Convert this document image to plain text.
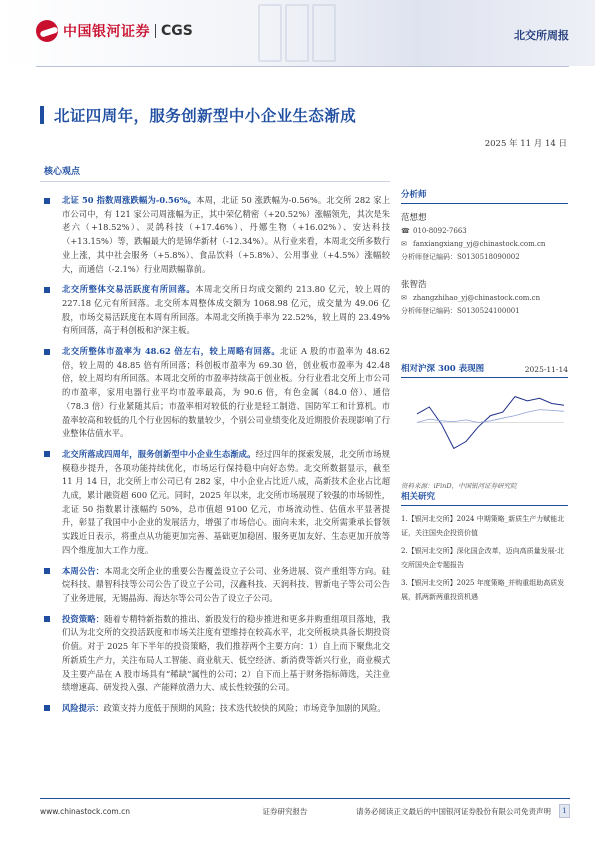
中国银河证券 CGS	北交所周报
北证四周年，服务创新型中小企业生态渐成
2025 年 11 月 14 日
核心观点
北证 50 指数周涨跌幅为-0.56%。本周，北证 50 涨跌幅为-0.56%。北交所 282 家上市公司中，有 121 家公司周涨幅为正，其中荣亿精密（+20.52%）涨幅领先，其次是朱老六（+18.52%）、灵鸽科技（+17.46%）、丹娜生物（+16.02%）、安达科技（+13.15%）等，跌幅最大的是锦华新材（-12.34%）。从行业来看，本周北交所多数行业上涨，其中社会服务（+5.8%）、食品饮料（+5.8%）、公用事业（+4.5%）涨幅较大，而通信（-2.1%）行业周跌幅靠前。
北交所整体交易活跃度有所回落。本周北交所日均成交额约 213.80 亿元，较上周的 227.18 亿元有所回落。北交所本周整体成交额为 1068.98 亿元，成交量为 49.06 亿股，市场交易活跃度在本周有所回落。本周北交所换手率为 22.52%，较上周的 23.49%有所回落，高于科创板和沪深主板。
北交所整体市盈率为 48.62 倍左右，较上周略有回落。北证 A 股的市盈率为 48.62 倍，较上周的 48.85 倍有所回落；科创板市盈率为 69.30 倍，创业板市盈率为 42.48 倍，较上周均有所回落。本周北交所的市盈率持续高于创业板。分行业看北交所上市公司的市盈率，家用电器行业平均市盈率最高，为 90.6 倍，有色金属（84.0 倍）、通信（78.3 倍）行业紧随其后；市盈率相对较低的行业是轻工制造、国防军工和计算机。市盈率较高和较低的几个行业因标的数量较少，个别公司业绩变化及近期股价表现影响了行业整体估值水平。
北交所落成四周年，服务创新型中小企业生态渐成。经过四年的探索发展，北交所市场规模稳步提升，各项功能持续优化，市场运行保持稳中向好态势。北交所数据显示，截至 11 月 14 日，北交所上市公司已有 282 家，中小企业占比近八成，高新技术企业占比超九成，累计融资超 600 亿元。同时，2025 年以来，北交所市场展现了较强的市场韧性，北证 50 指数累计涨幅约 50%，总市值超 9100 亿元，市场流动性、估值水平显著提升，彰显了我国中小企业的发展活力，增强了市场信心。面向未来，北交所需秉承长督领实践近日表示，将重点从功能更加完善、基础更加稳固、服务更加友好、生态更加开放等四个维度加大工作力度。
本周公告：本周北交所企业的重要公告覆盖设立子公司、业务进展、资产重组等方向。硅烷科技、鼎智科技等公司公告了设立子公司，汉鑫科技、天润科技、智新电子等公司公告了业务进展，无锡晶海、海达尔等公司公告了设立子公司。
投资策略：随着专精特新指数的推出、新股发行的稳步推进和更多并购重组项目落地，我们认为北交所的交投活跃度和市场关注度有望维持在较高水平，北交所板块具备长期投资价值。对于 2025 年下半年的投资策略，我们推荐两个主要方向：1）自上而下聚焦北交所新质生产力，关注布局人工智能、商业航天、低空经济、新消费等新兴行业，商业模式及主要产品在 A 股市场具有“稀缺”属性的公司；2）自下而上基于财务指标筛选，关注业绩增速高、研发投入强、产能释放潜力大、成长性较强的公司。
风险提示：政策支持力度低于预期的风险；技术迭代较快的风险；市场竞争加剧的风险。
分析师
范想想
☎ 010-8092-7663
✉ fanxiangxiang_yj@chinastock.com.cn
分析师登记编码：S0130518090002
张智浩
✉ zhangzhihao_yj@chinastock.com.cn
分析师登记编码：S0130524100001
相对沪深 300 表现图	2025-11-14
资料来源：iFinD，中国银河证券研究院
相关研究
1.【银河北交所】2024 中期策略_新质生产力赋能北证，关注国央企投资价值
2.【银河北交所】深化国企改革，迈向高质量发展-北交所国央企专题报告
3.【银河北交所】2025 年度策略_并购重组助高质发展，抓两新两重投资机遇
www.chinastock.com.cn	证券研究报告	请务必阅读正文最后的中国银河证券股份有限公司免责声明	1
